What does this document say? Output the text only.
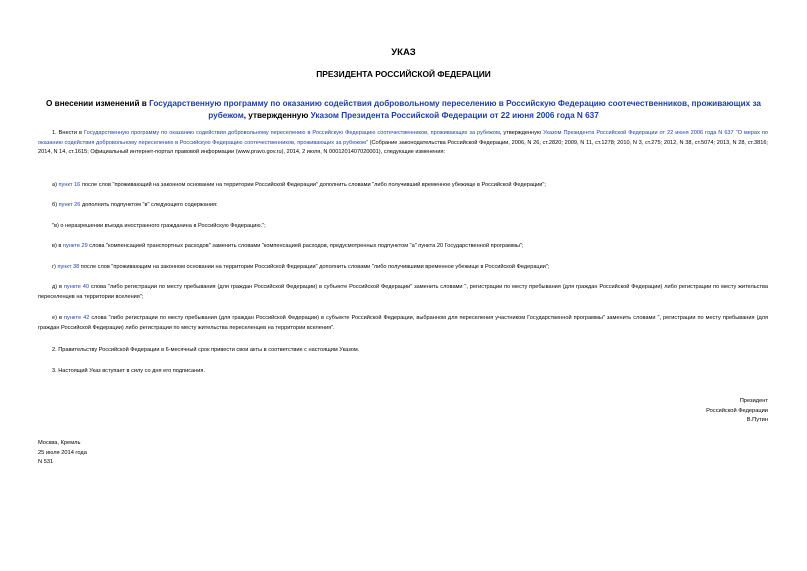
УКАЗ
ПРЕЗИДЕНТА РОССИЙСКОЙ ФЕДЕРАЦИИ
О внесении изменений в Государственную программу по оказанию содействия добровольному переселению в Российскую Федерацию соотечественников, проживающих за рубежом, утвержденную Указом Президента Российской Федерации от 22 июня 2006 года N 637

1. Внести в Государственную программу по оказанию содействия добровольному переселению в Российскую Федерацию соотечественников, проживающих за рубежом, утвержденную Указом Президента Российской Федерации от 22 июня 2006 года N 637 "О мерах по оказанию содействия добровольному переселению в Российскую Федерацию соотечественников, проживающих за рубежом" (Собрание законодательства Российской Федерации, 2006, N 26, ст.2820; 2009, N 11, ст.1278; 2010, N 3, ст.275; 2012, N 38, ст.5074; 2013, N 28, ст.3816; 2014, N 14, ст.1615; Официальный интернет-портал правовой информации (www.pravo.gov.ru), 2014, 2 июля, N 0001201407020001), следующие изменения:

а) пункт 16 после слов "проживающий на законном основании на территории Российской Федерации" дополнить словами "либо получивший временное убежище в Российской Федерации";

б) пункт 26 дополнить подпунктом "в" следующего содержания:

"в) о неразрешении въезда иностранного гражданина в Российскую Федерацию.";

в) в пункте 29 слова "компенсацией транспортных расходов" заменить словами "компенсацией расходов, предусмотренных подпунктом "а" пункта 20 Государственной программы";

г) пункт 38 после слов "проживающим на законном основании на территории Российской Федерации" дополнить словами "либо получившими временное убежище в Российской Федерации";

д) в пункте 40 слова "либо регистрации по месту пребывания (для граждан Российской Федерации) в субъекте Российской Федерации" заменить словами ", регистрации по месту пребывания (для граждан Российской Федерации) либо регистрации по месту жительства переселенцев на территории вселения";

е) в пункте 42 слова "либо регистрации по месту пребывания (для граждан Российской Федерации) в субъекте Российской Федерации, выбранном для переселения участником Государственной программы" заменить словами ", регистрации по месту пребывания (для граждан Российской Федерации) либо регистрации по месту жительства переселенцев на территории вселения".

2. Правительству Российской Федерации в 6-месячный срок привести свои акты в соответствие с настоящим Указом.

3. Настоящий Указ вступает в силу со дня его подписания.

Президент
Российской Федерации
В.Путин
Москва, Кремль
25 июля 2014 года
N 531
